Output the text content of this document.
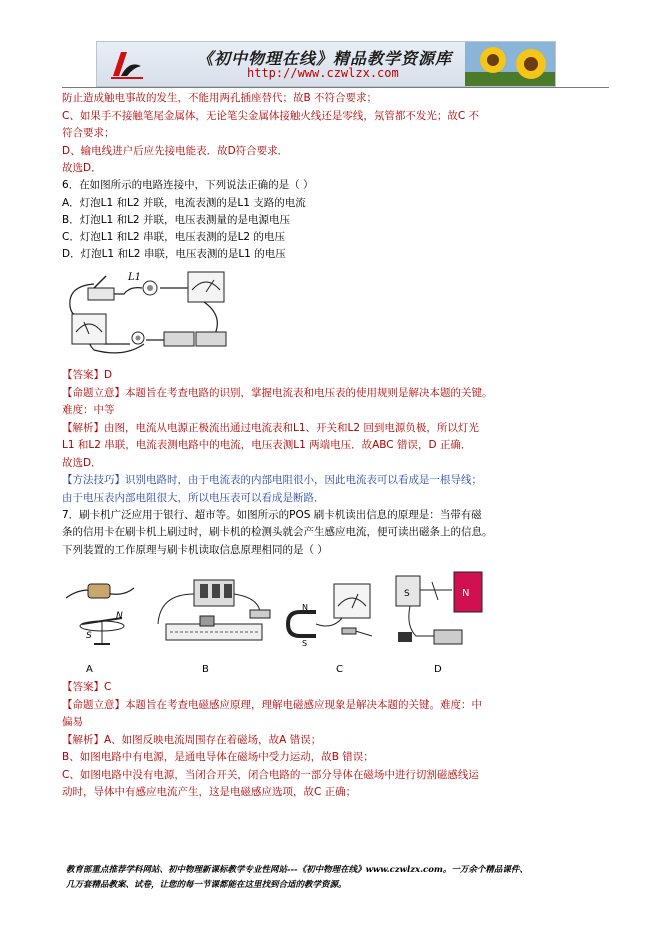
《初中物理在线》精品教学资源库
http://www.czwlzx.com
防止造成触电事故的发生，不能用两孔插座替代；故B 不符合要求；
C、如果手不接触笔尾金属体，无论笔尖金属体接触火线还是零线，氖管都不发光；故C 不
符合要求；
D、输电线进户后应先接电能表．故D符合要求．
故选D．
6．在如图所示的电路连接中，下列说法正确的是（ ）
A．灯泡L1 和L2 并联，电流表测的是L1 支路的电流
B．灯泡L1 和L2 并联，电压表测量的是电源电压
C．灯泡L1 和L2 串联，电压表测的是L2 的电压
D．灯泡L1 和L2 串联，电压表测的是L1 的电压
L1
【答案】D
【命题立意】本题旨在考查电路的识别，掌握电流表和电压表的使用规则是解决本题的关键。
难度：中等
【解析】由图，电流从电源正极流出通过电流表和L1、开关和L2 回到电源负极，所以灯光
L1 和L2 串联，电流表测电路中的电流，电压表测L1 两端电压．故ABC 错误，D 正确．
故选D．
【方法技巧】识别电路时，由于电流表的内部电阻很小，因此电流表可以看成是一根导线；
由于电压表内部电阻很大，所以电压表可以看成是断路．
7．刷卡机广泛应用于银行、超市等。如图所示的POS 刷卡机读出信息的原理是：当带有磁
条的信用卡在刷卡机上刷过时，刷卡机的检测头就会产生感应电流，便可读出磁条上的信息。
下列装置的工作原理与刷卡机读取信息原理相同的是（ ）
S
N
N
S
S	N
A	B	C	D
【答案】C
【命题立意】本题旨在考查电磁感应原理，理解电磁感应现象是解决本题的关键。难度：中
偏易
【解析】A、如图反映电流周围存在着磁场，故A 错误；
B、如图电路中有电源，是通电导体在磁场中受力运动，故B 错误；
C、如图电路中没有电源，当闭合开关，闭合电路的一部分导体在磁场中进行切割磁感线运
动时，导体中有感应电流产生，这是电磁感应选项，故C 正确；
教育部重点推荐学科网站、初中物理新课标教学专业性网站---《初中物理在线》www.czwlzx.com。一万余个精品课件、
几万套精品教案、试卷，让您的每一节课都能在这里找到合适的教学资源。
